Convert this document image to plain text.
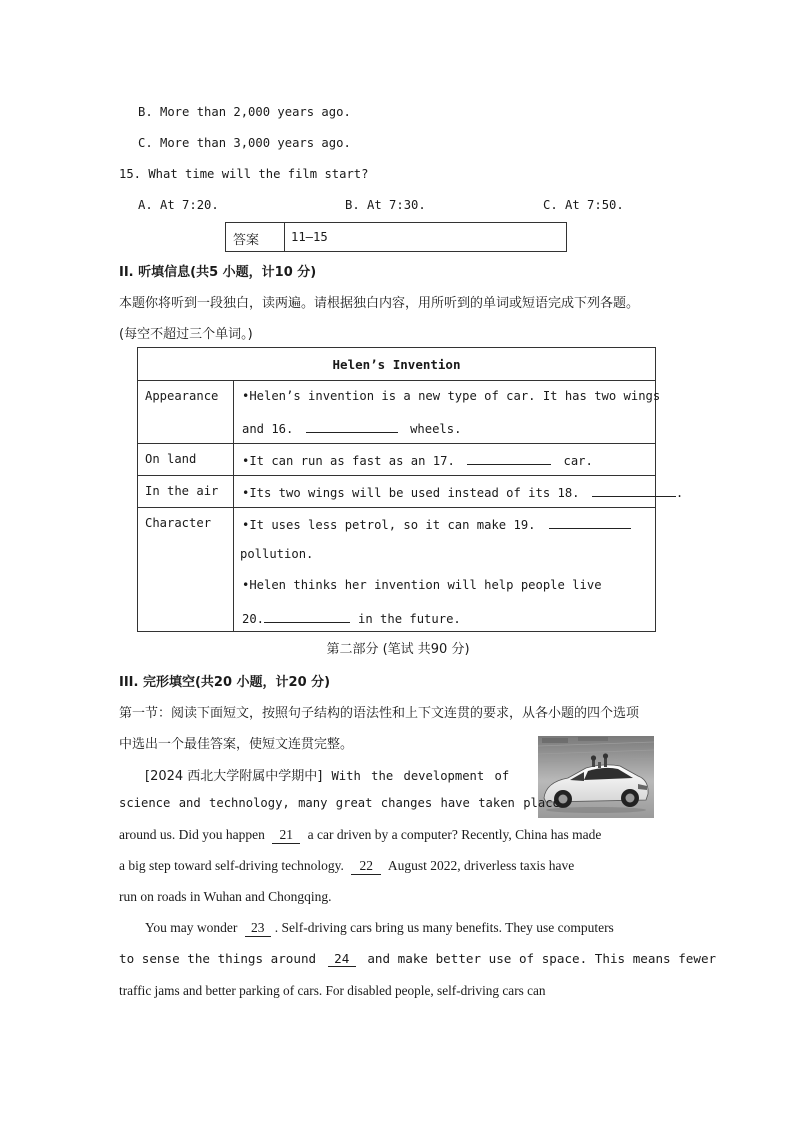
B. More than 2,000 years ago.
C. More than 3,000 years ago.
15. What time will the film start?
A. At 7:20.	B. At 7:30.	C. At 7:50.
答案	11—15
II. 听填信息(共5 小题，计10 分)
本题你将听到一段独白，读两遍。请根据独白内容，用所听到的单词或短语完成下列各题。
(每空不超过三个单词。)
Helen’s Invention
Appearance •Helen’s invention is a new type of car. It has two wings
and 16.	wheels.
On land	•It can run as fast as an 17.	car.
In the air •Its two wings will be used instead of its 18.	.
Character	•It uses less petrol, so it can make 19.
pollution.
•Helen thinks her invention will help people live
20.	in the future.
第二部分 (笔试 共90 分)
III. 完形填空(共20 小题，计20 分)
第一节：阅读下面短文，按照句子结构的语法性和上下文连贯的要求，从各小题的四个选项
中选出一个最佳答案，使短文连贯完整。
[2024 西北大学附属中学期中] With the development of
science and technology, many great changes have taken place
around us. Did you happen 21 a car driven by a computer? Recently, China has made
a big step toward self-driving technology. 22 August 2022, driverless taxis have
run on roads in Wuhan and Chongqing.
You may wonder 23 . Self-driving cars bring us many benefits. They use computers
to sense the things around 24 and make better use of space. This means fewer
traffic jams and better parking of cars. For disabled people, self-driving cars can
